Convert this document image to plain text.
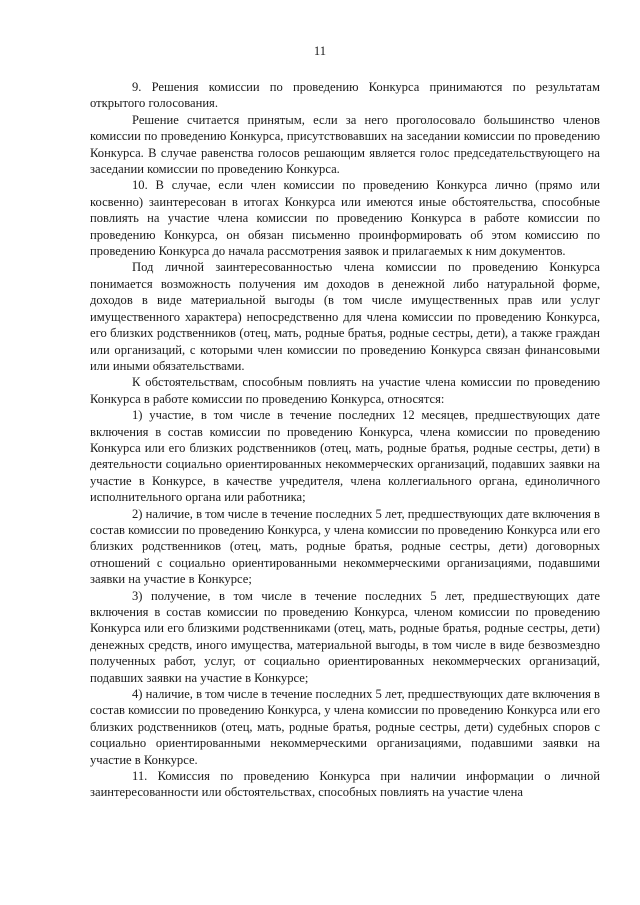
11

9. Решения комиссии по проведению Конкурса принимаются по результатам открытого голосования.

Решение считается принятым, если за него проголосовало большинство членов комиссии по проведению Конкурса, присутствовавших на заседании комиссии по проведению Конкурса. В случае равенства голосов решающим является голос председательствующего на заседании комиссии по проведению Конкурса.

10. В случае, если член комиссии по проведению Конкурса лично (прямо или косвенно) заинтересован в итогах Конкурса или имеются иные обстоятельства, способные повлиять на участие члена комиссии по проведению Конкурса в работе комиссии по проведению Конкурса, он обязан письменно проинформировать об этом комиссию по проведению Конкурса до начала рассмотрения заявок и прилагаемых к ним документов.

Под личной заинтересованностью члена комиссии по проведению Конкурса понимается возможность получения им доходов в денежной либо натуральной форме, доходов в виде материальной выгоды (в том числе имущественных прав или услуг имущественного характера) непосредственно для члена комиссии по проведению Конкурса, его близких родственников (отец, мать, родные братья, родные сестры, дети), а также граждан или организаций, с которыми член комиссии по проведению Конкурса связан финансовыми или иными обязательствами.

К обстоятельствам, способным повлиять на участие члена комиссии по проведению Конкурса в работе комиссии по проведению Конкурса, относятся:

1) участие, в том числе в течение последних 12 месяцев, предшествующих дате включения в состав комиссии по проведению Конкурса, члена комиссии по проведению Конкурса или его близких родственников (отец, мать, родные братья, родные сестры, дети) в деятельности социально ориентированных некоммерческих организаций, подавших заявки на участие в Конкурсе, в качестве учредителя, члена коллегиального органа, единоличного исполнительного органа или работника;

2) наличие, в том числе в течение последних 5 лет, предшествующих дате включения в состав комиссии по проведению Конкурса, у члена комиссии по проведению Конкурса или его близких родственников (отец, мать, родные братья, родные сестры, дети) договорных отношений с социально ориентированными некоммерческими организациями, подавшими заявки на участие в Конкурсе;

3) получение, в том числе в течение последних 5 лет, предшествующих дате включения в состав комиссии по проведению Конкурса, членом комиссии по проведению Конкурса или его близкими родственниками (отец, мать, родные братья, родные сестры, дети) денежных средств, иного имущества, материальной выгоды, в том числе в виде безвозмездно полученных работ, услуг, от социально ориентированных некоммерческих организаций, подавших заявки на участие в Конкурсе;

4) наличие, в том числе в течение последних 5 лет, предшествующих дате включения в состав комиссии по проведению Конкурса, у члена комиссии по проведению Конкурса или его близких родственников (отец, мать, родные братья, родные сестры, дети) судебных споров с социально ориентированными некоммерческими организациями, подавшими заявки на участие в Конкурсе.

11. Комиссия по проведению Конкурса при наличии информации о личной заинтересованности или обстоятельствах, способных повлиять на участие члена
